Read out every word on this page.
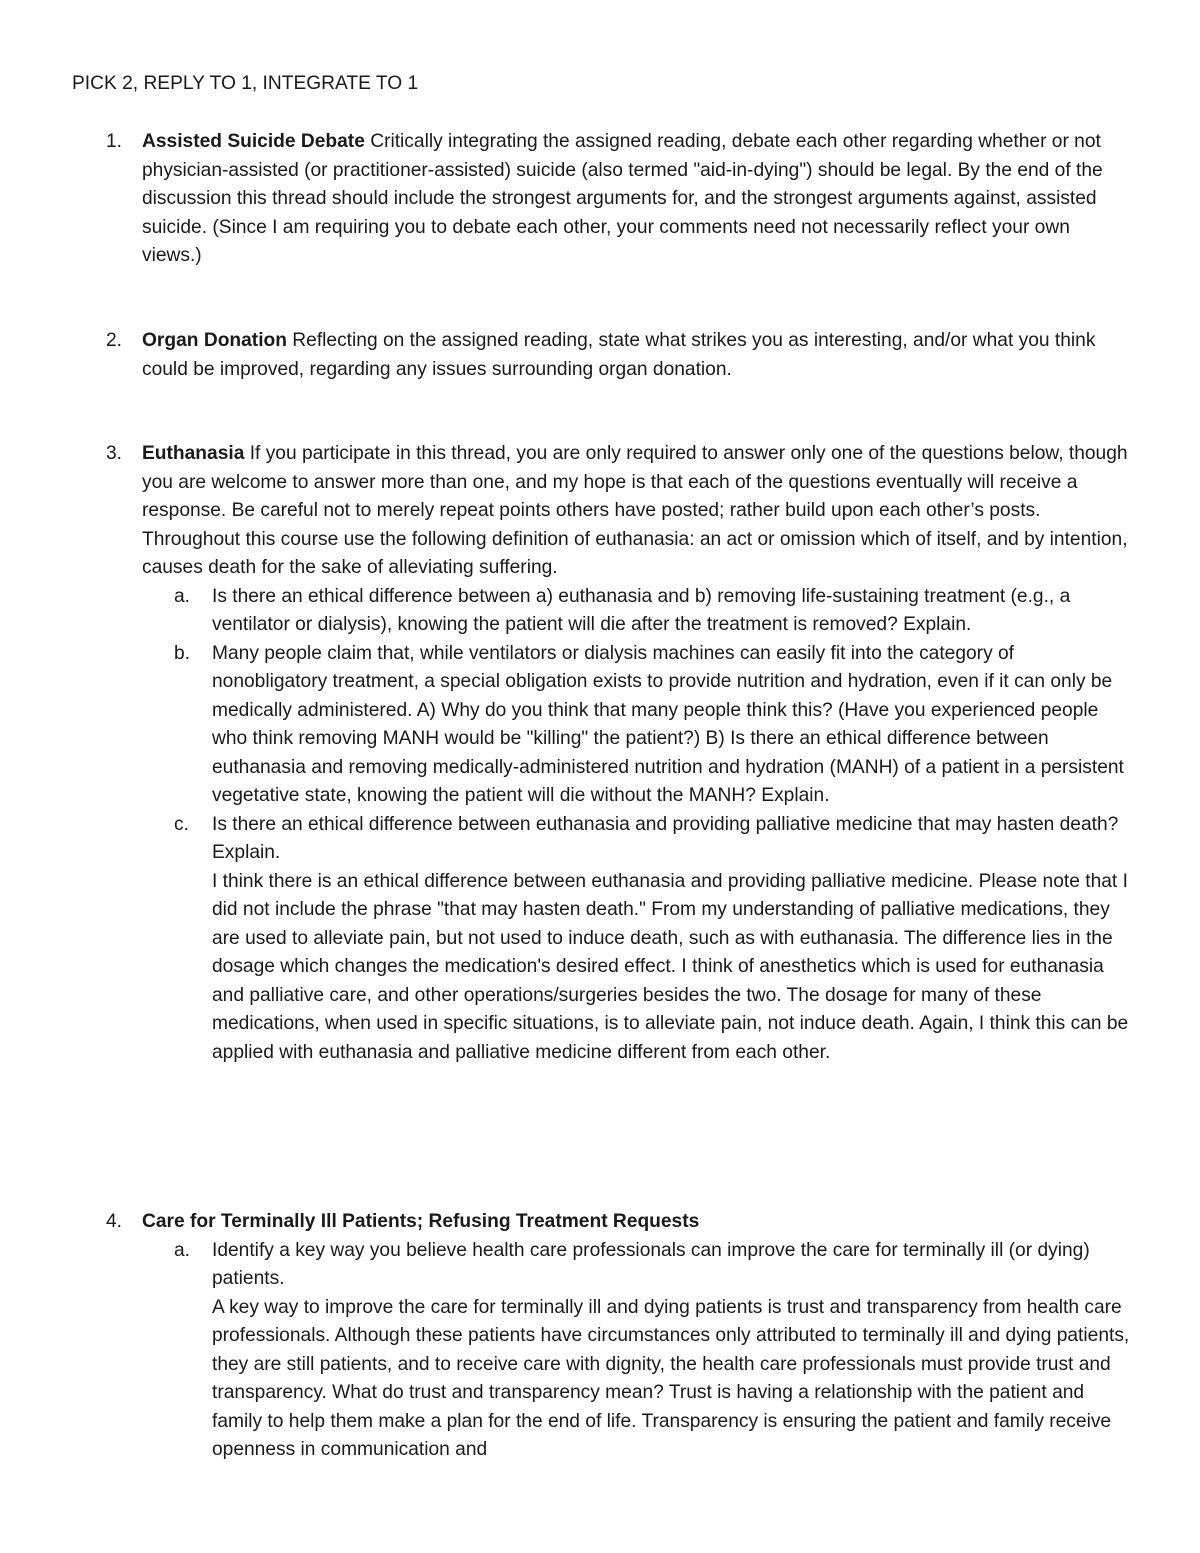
PICK 2, REPLY TO 1, INTEGRATE TO 1

1. Assisted Suicide Debate Critically integrating the assigned reading, debate each other regarding whether or not physician-assisted (or practitioner-assisted) suicide (also termed "aid-in-dying") should be legal. By the end of the discussion this thread should include the strongest arguments for, and the strongest arguments against, assisted suicide. (Since I am requiring you to debate each other, your comments need not necessarily reflect your own views.)
2. Organ Donation Reflecting on the assigned reading, state what strikes you as interesting, and/or what you think could be improved, regarding any issues surrounding organ donation.
3. Euthanasia If you participate in this thread, you are only required to answer only one of the questions below, though you are welcome to answer more than one, and my hope is that each of the questions eventually will receive a response. Be careful not to merely repeat points others have posted; rather build upon each other’s posts.

Throughout this course use the following definition of euthanasia: an act or omission which of itself, and by intention, causes death for the sake of alleviating suffering.

a. Is there an ethical difference between a) euthanasia and b) removing life-sustaining treatment (e.g., a ventilator or dialysis), knowing the patient will die after the treatment is removed? Explain.

b. Many people claim that, while ventilators or dialysis machines can easily fit into the category of nonobligatory treatment, a special obligation exists to provide nutrition and hydration, even if it can only be medically administered. A) Why do you think that many people think this? (Have you experienced people who think removing MANH would be "killing" the patient?) B) Is there an ethical difference between euthanasia and removing medically-administered nutrition and hydration (MANH) of a patient in a persistent vegetative state, knowing the patient will die without the MANH? Explain.

c. Is there an ethical difference between euthanasia and providing palliative medicine that may hasten death? Explain.

I think there is an ethical difference between euthanasia and providing palliative medicine. Please note that I did not include the phrase "that may hasten death." From my understanding of palliative medications, they are used to alleviate pain, but not used to induce death, such as with euthanasia. The difference lies in the dosage which changes the medication's desired effect. I think of anesthetics which is used for euthanasia and palliative care, and other operations/surgeries besides the two. The dosage for many of these medications, when used in specific situations, is to alleviate pain, not induce death. Again, I think this can be applied with euthanasia and palliative medicine different from each other.

4. Care for Terminally Ill Patients; Refusing Treatment Requests

a. Identify a key way you believe health care professionals can improve the care for terminally ill (or dying) patients.

A key way to improve the care for terminally ill and dying patients is trust and transparency from health care professionals. Although these patients have circumstances only attributed to terminally ill and dying patients, they are still patients, and to receive care with dignity, the health care professionals must provide trust and transparency. What do trust and transparency mean? Trust is having a relationship with the patient and family to help them make a plan for the end of life. Transparency is ensuring the patient and family receive openness in communication and
